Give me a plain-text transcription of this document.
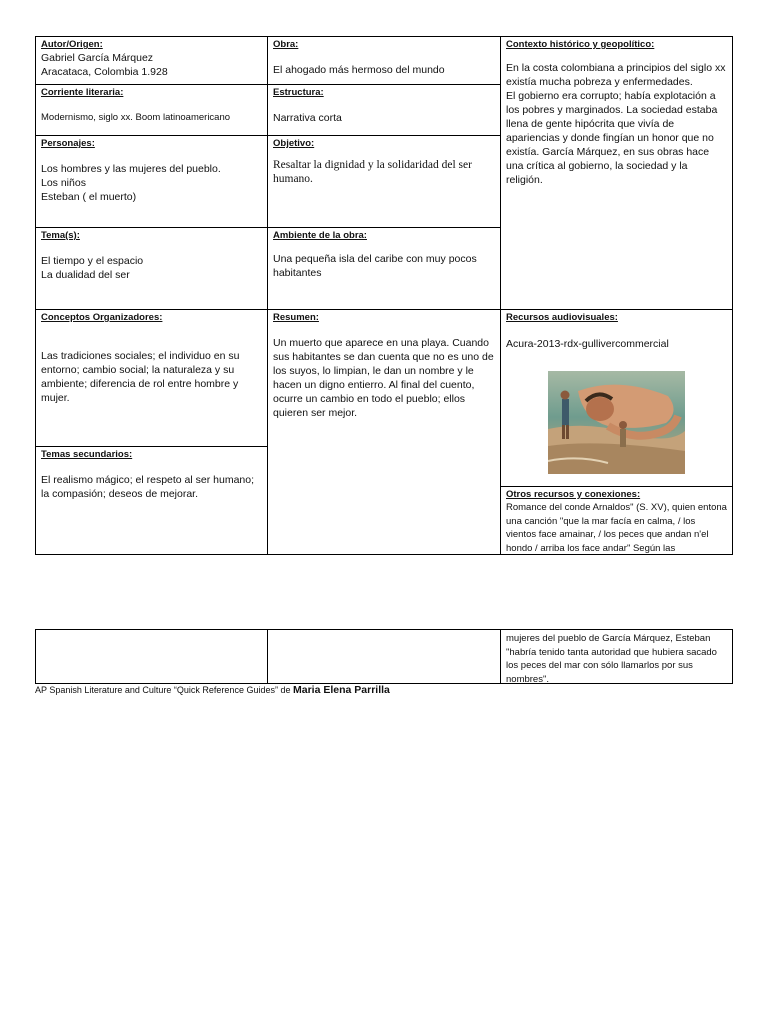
Autor/Origen:
Gabriel García Márquez
Aracataca, Colombia 1.928
Obra:
El ahogado más hermoso del mundo
Contexto histórico y geopolítico:
En la costa colombiana a principios del siglo xx existía mucha pobreza y enfermedades.
El gobierno era corrupto; había explotación a los pobres y marginados. La sociedad estaba llena de gente hipócrita que vivía de apariencias y donde fingían un honor que no existía. García Márquez, en sus obras hace una crítica al gobierno, la sociedad y la religión.
Corriente literaria:
Modernismo, siglo xx. Boom latinoamericano
Estructura:
Narrativa corta
Personajes:
Los hombres y las mujeres del pueblo.
Los niños
Esteban ( el muerto)
Objetivo:
Resaltar la dignidad y la solidaridad del ser humano.
Tema(s):
El tiempo y el espacio
La dualidad del ser
Ambiente de la obra:
Una pequeña isla del caribe con muy pocos habitantes
Conceptos Organizadores:
Las tradiciones sociales; el individuo en su entorno; cambio social; la naturaleza y su ambiente; diferencia de rol entre hombre y mujer.
Resumen:
Un muerto que aparece en una playa. Cuando sus habitantes se dan cuenta que no es uno de los suyos, lo limpian, le dan un nombre y le hacen un digno entierro. Al final del cuento, ocurre un cambio en todo el pueblo; ellos quieren ser mejor.
Recursos audiovisuales:
Acura-2013-rdx-gullivercommercial
Temas secundarios:
El realismo mágico; el respeto al ser humano; la compasión; deseos de mejorar.	Otros recursos y conexiones:
Romance del conde Arnaldos" (S. XV), quien entona una canción "que la mar facía en calma, / los vientos face amainar, / los peces que andan n'el hondo / arriba los face andar" Según las
mujeres del pueblo de García Márquez, Esteban "habría tenido tanta autoridad que hubiera sacado los peces del mar con sólo llamarlos por sus nombres".
AP Spanish Literature and Culture “Quick Reference Guides” de Maria Elena Parrilla
